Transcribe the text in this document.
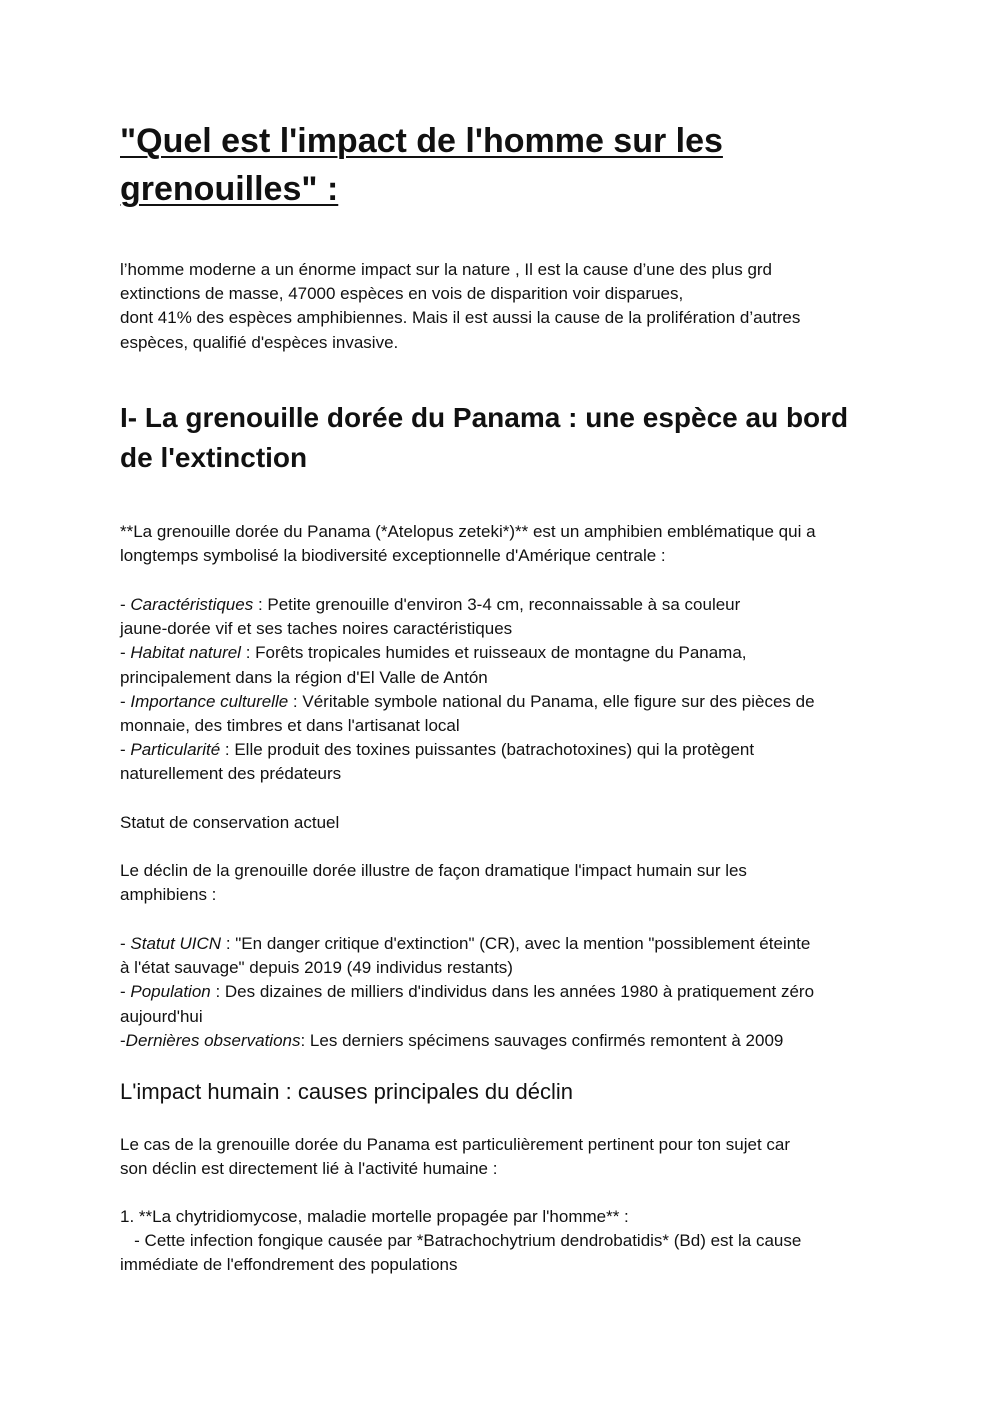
"Quel est l'impact de l'homme sur les grenouilles" :

l’homme moderne a un énorme impact sur la nature , Il est la cause d’une des plus grd
extinctions de masse, 47000 espèces en vois de disparition voir disparues,
dont 41% des espèces amphibiennes. Mais il est aussi la cause de la prolifération d’autres
espèces, qualifié d'espèces invasive.

I- La grenouille dorée du Panama : une espèce au bord de l'extinction

**La grenouille dorée du Panama (*Atelopus zeteki*)** est un amphibien emblématique qui a
longtemps symbolisé la biodiversité exceptionnelle d'Amérique centrale :

- Caractéristiques : Petite grenouille d'environ 3-4 cm, reconnaissable à sa couleur
jaune-dorée vif et ses taches noires caractéristiques
- Habitat naturel : Forêts tropicales humides et ruisseaux de montagne du Panama,
principalement dans la région d'El Valle de Antón
- Importance culturelle : Véritable symbole national du Panama, elle figure sur des pièces de
monnaie, des timbres et dans l'artisanat local
- Particularité : Elle produit des toxines puissantes (batrachotoxines) qui la protègent
naturellement des prédateurs

Statut de conservation actuel

Le déclin de la grenouille dorée illustre de façon dramatique l'impact humain sur les
amphibiens :

- Statut UICN : "En danger critique d'extinction" (CR), avec la mention "possiblement éteinte
à l'état sauvage" depuis 2019 (49 individus restants)
- Population : Des dizaines de milliers d'individus dans les années 1980 à pratiquement zéro
aujourd'hui
-Dernières observations: Les derniers spécimens sauvages confirmés remontent à 2009
L'impact humain : causes principales du déclin

Le cas de la grenouille dorée du Panama est particulièrement pertinent pour ton sujet car
son déclin est directement lié à l'activité humaine :

1. **La chytridiomycose, maladie mortelle propagée par l'homme** :
- Cette infection fongique causée par *Batrachochytrium dendrobatidis* (Bd) est la cause
immédiate de l'effondrement des populations
